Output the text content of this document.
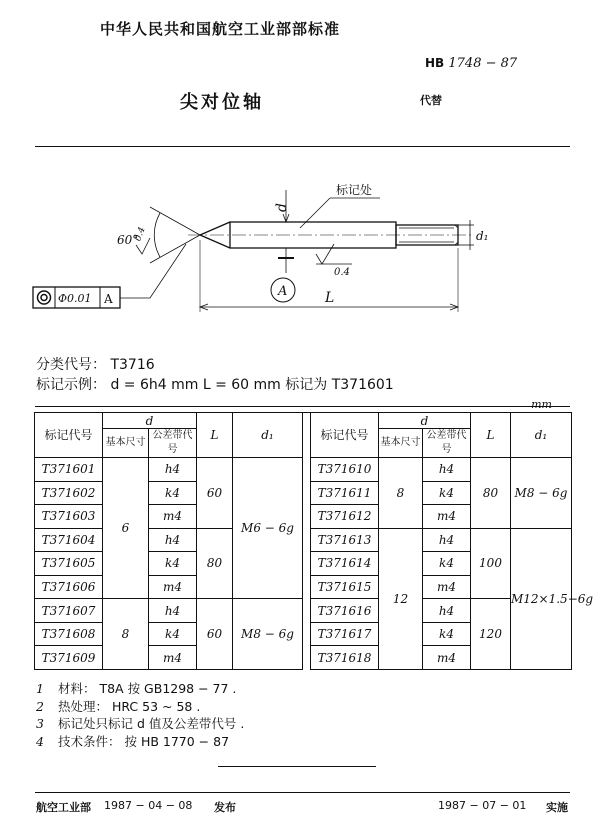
中华人民共和国航空工业部部标准
HB 1748 − 87
尖对位轴	代替
60°
0.4
d
d₁
0.4
A	L
Φ0.01 A
标记处
分类代号： T3716
标记示例： d = 6h4 mm L = 60 mm 标记为 T371601
mm
标记代号	d		L	d₁		标记代号	d		L	d₁
	基本尺寸	公差带代号					基本尺寸	公差带代号		
T371601	6	h4	60	M6 − 6g		T371610	8	h4	80	M8 − 6g
T371602		k4				T371611		k4		
T371603		m4				T371612		m4		
T371604		h4	80			T371613	12	h4	100	M12×1.5−6g
T371605		k4				T371614		k4		
T371606		m4				T371615		m4		
T371607	8	h4	60	M8 − 6g		T371616		h4	120	
T371608		k4				T371617		k4		
T371609		m4				T371618		m4		
1 材料： T8A 按 GB1298 − 77 .
2 热处理： HRC 53 ~ 58 .
3 标记处只标记 d 值及公差带代号 .
4 技术条件： 按 HB 1770 − 87
航空工业部 1987 − 04 − 08 发布	1987 − 07 − 01 实施
